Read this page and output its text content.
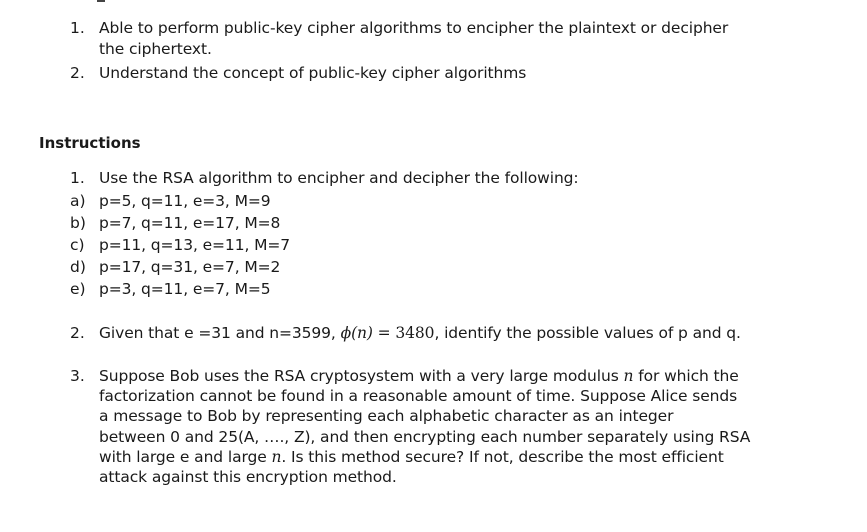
1. Able to perform public-key cipher algorithms to encipher the plaintext or decipher
the ciphertext.
2. Understand the concept of public-key cipher algorithms
Instructions
1. Use the RSA algorithm to encipher and decipher the following:
a) p=5, q=11, e=3, M=9
b) p=7, q=11, e=17, M=8
c) p=11, q=13, e=11, M=7
d) p=17, q=31, e=7, M=2
e) p=3, q=11, e=7, M=5
2. Given that e =31 and n=3599, ϕ(n) = 3480, identify the possible values of p and q.
3. Suppose Bob uses the RSA cryptosystem with a very large modulus n for which the
factorization cannot be found in a reasonable amount of time. Suppose Alice sends
a message to Bob by representing each alphabetic character as an integer
between 0 and 25(A, …., Z), and then encrypting each number separately using RSA
with large e and large n. Is this method secure? If not, describe the most efficient
attack against this encryption method.
